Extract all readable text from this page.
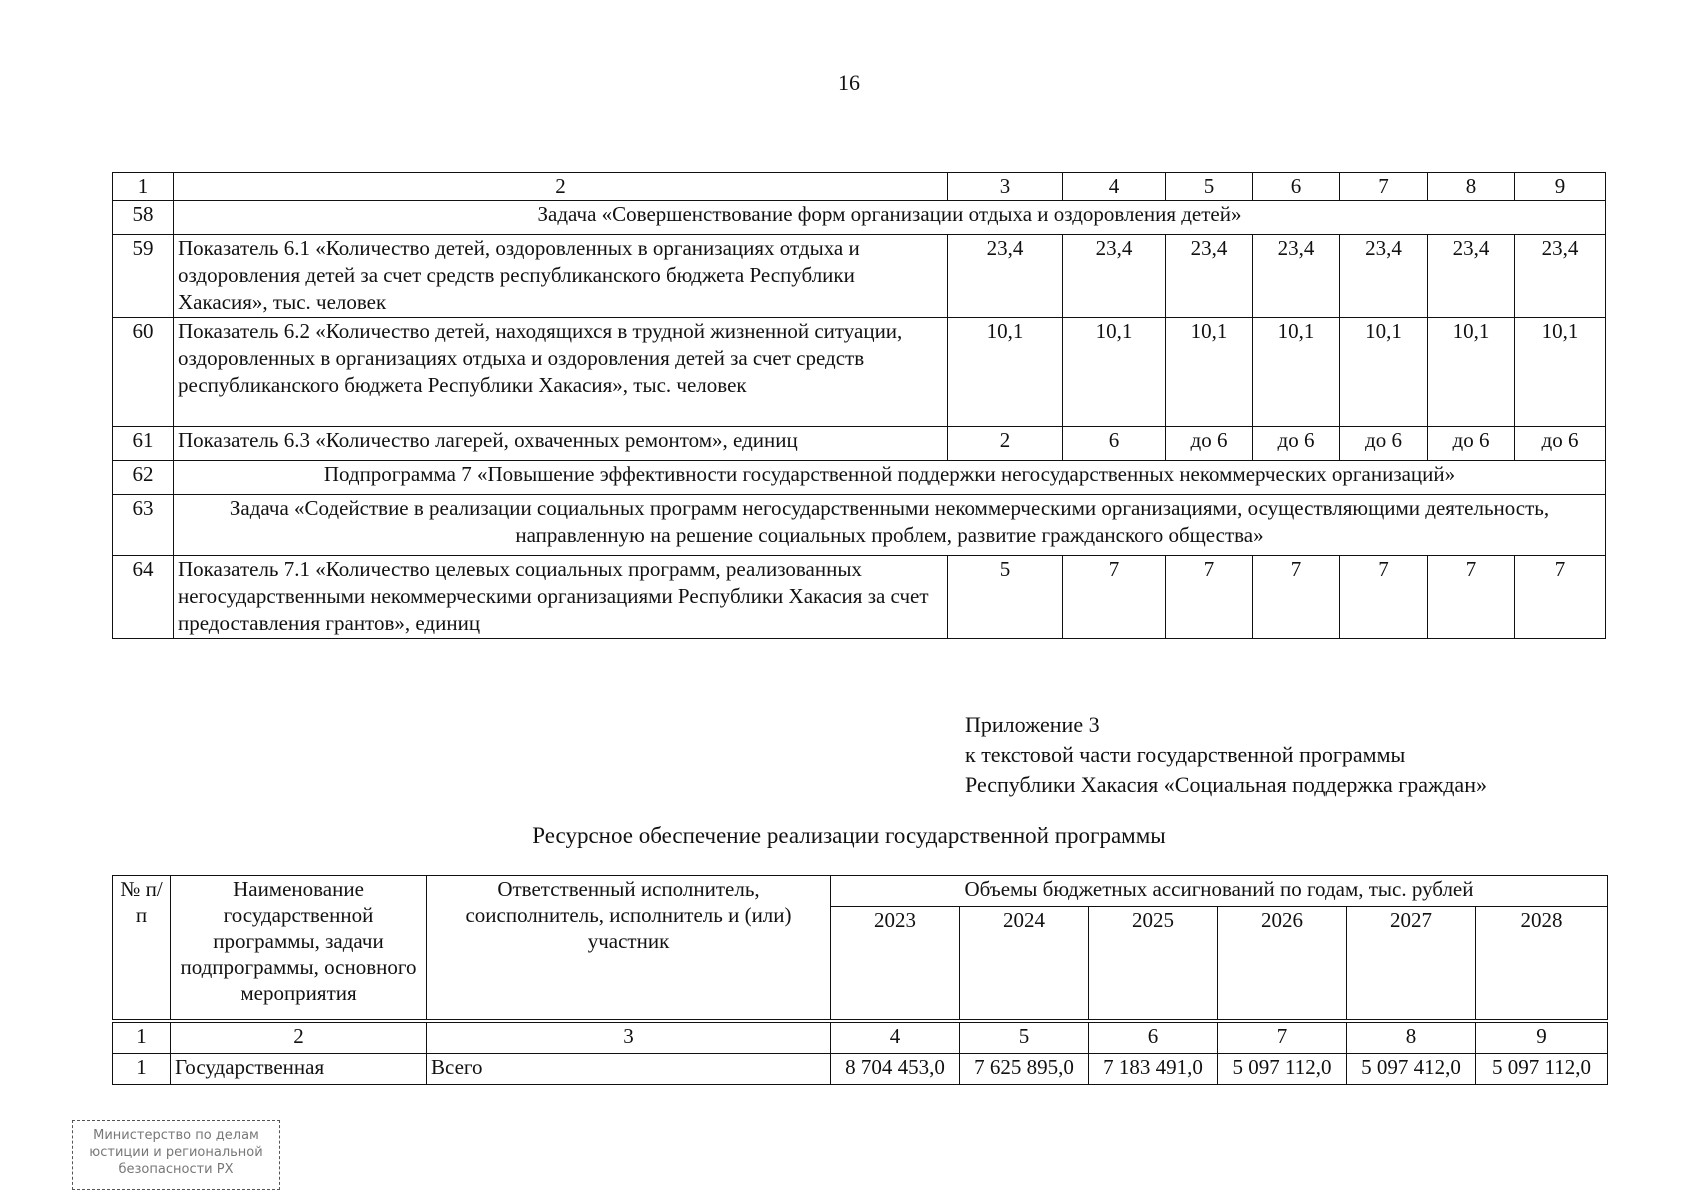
16
1	2	3	4	5	6	7	8	9
58	Задача «Совершенствование форм организации отдыха и оздоровления детей»							
59	Показатель 6.1 «Количество детей, оздоровленных в организациях отдыха и оздоровления детей за счет средств республиканского бюджета Республики Хакасия», тыс. человек	23,4	23,4	23,4	23,4	23,4	23,4	23,4
60	Показатель 6.2 «Количество детей, находящихся в трудной жизненной ситуации, оздоровленных в организациях отдыха и оздоровления детей за счет средств республиканского бюджета Республики Хакасия», тыс. человек	10,1	10,1	10,1	10,1	10,1	10,1	10,1
61	Показатель 6.3 «Количество лагерей, охваченных ремонтом», единиц	2	6	до 6	до 6	до 6	до 6	до 6
62	Подпрограмма 7 «Повышение эффективности государственной поддержки негосударственных некоммерческих организаций»							
63	Задача «Содействие в реализации социальных программ негосударственными некоммерческими организациями, осуществляющими деятельность, направленную на решение социальных проблем, развитие гражданского общества»							
64	Показатель 7.1 «Количество целевых социальных программ, реализованных негосударственными некоммерческими организациями Республики Хакасия за счет предоставления грантов», единиц	5	7	7	7	7	7	7
Приложение 3
к текстовой части государственной программы
Республики Хакасия «Социальная поддержка граждан»
Ресурсное обеспечение реализации государственной программы
№ п/п	Наименование государственной программы, задачи подпрограммы, основного мероприятия	Ответственный исполнитель, соисполнитель, исполнитель и (или) участник	Объемы бюджетных ассигнований по годам, тыс. рублей					
			2023	2024	2025	2026	2027	2028

1	2	3	4	5	6	7	8	9
1	Государственная	Всего	8 704 453,0	7 625 895,0	7 183 491,0	5 097 112,0	5 097 412,0	5 097 112,0
Министерство по делам
юстиции и региональной
безопасности РХ
